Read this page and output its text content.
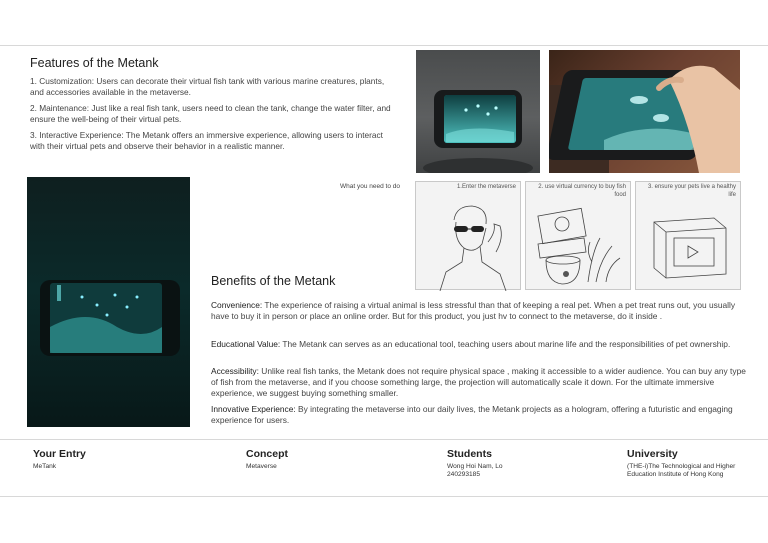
Features of the Metank
1. Customization: Users can decorate their virtual fish tank with various marine creatures, plants, and accessories available in the metaverse.
2. Maintenance: Just like a real fish tank, users need to clean the tank, change the water filter, and ensure the well-being of their virtual pets.
3. Interactive Experience: The Metank offers an immersive experience, allowing users to interact with their virtual pets and observe their behavior in a realistic manner.
What you need to do	1.Enter the metaverse	2. use virtual currency to buy fish food
3. ensure your pets live a healthy life
Benefits of the Metank
Convenience: The experience of raising a virtual animal is less stressful than that of keeping a real pet. When a pet treat runs out, you usually have to buy it in person or place an online order. But for this product, you just hv to connect to the metaverse, do it inside .
Educational Value: The Metank can serves as an educational tool, teaching users about marine life and the responsibilities of pet ownership.
Accessibility: Unlike real fish tanks, the Metank does not require physical space , making it accessible to a wider audience. You can buy any type of fish from the metaverse, and if you choose something large, the projection will automatically scale it down. For the ultimate immersive experience, we suggest buying something smaller.
Innovative Experience: By integrating the metaverse into our daily lives, the Metank projects as a hologram, offering a futuristic and engaging experience for users.
Your Entry
MeTank
Concept
Metaverse
Students
Wong Hoi Nam, Lo
240293185
University
(THE-i)The Technological and Higher
Education Institute of Hong Kong
